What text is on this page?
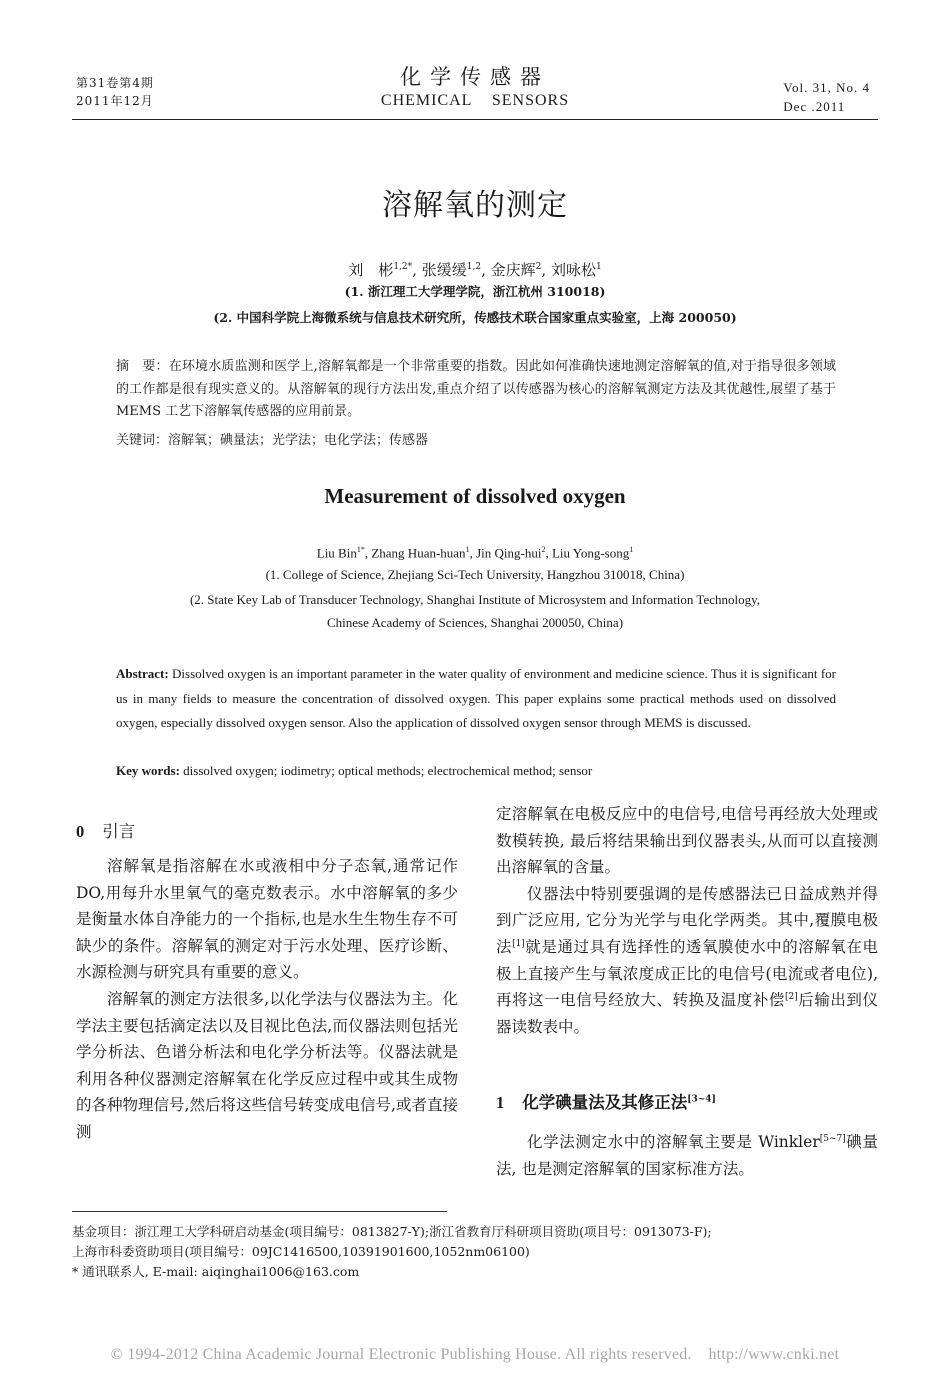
第31卷第4期
2011年12月
化学传感器
CHEMICAL    SENSORS
Vol. 31, No. 4
Dec .2011
溶解氧的测定
刘　彬$^{1,2*}$, 张缓缓$^{1,2}$, 金庆辉$^2$, 刘咏松$^1$
(1. 浙江理工大学理学院，浙江杭州 310018)
(2. 中国科学院上海微系统与信息技术研究所，传感技术联合国家重点实验室，上海 200050)
摘　要：在环境水质监测和医学上,溶解氧都是一个非常重要的指数。因此如何准确快速地测定溶解氧的值,对于指导很多领域的工作都是很有现实意义的。从溶解氧的现行方法出发,重点介绍了以传感器为核心的溶解氧测定方法及其优越性,展望了基于 MEMS 工艺下溶解氧传感器的应用前景。
关键词：溶解氧；碘量法；光学法；电化学法；传感器
Measurement of dissolved oxygen
Liu Bin$^{1*}$, Zhang Huan-huan$^1$, Jin Qing-hui$^2$, Liu Yong-song$^1$
(1. College of Science, Zhejiang Sci-Tech University, Hangzhou 310018, China)
(2. State Key Lab of Transducer Technology, Shanghai Institute of Microsystem and Information Technology,
Chinese Academy of Sciences, Shanghai 200050, China)
Abstract: Dissolved oxygen is an important parameter in the water quality of environment and medicine science. Thus it is significant for us in many fields to measure the concentration of dissolved oxygen. This paper explains some practical methods used on dissolved oxygen, especially dissolved oxygen sensor. Also the application of dissolved oxygen sensor through MEMS is discussed.
Key words: dissolved oxygen; iodimetry; optical methods; electrochemical method; sensor
0 引言

溶解氧是指溶解在水或液相中分子态氧,通常记作 DO,用每升水里氧气的毫克数表示。水中溶解氧的多少是衡量水体自净能力的一个指标,也是水生生物生存不可缺少的条件。溶解氧的测定对于污水处理、医疗诊断、水源检测与研究具有重要的意义。

溶解氧的测定方法很多,以化学法与仪器法为主。化学法主要包括滴定法以及目视比色法,而仪器法则包括光学分析法、色谱分析法和电化学分析法等。仪器法就是利用各种仪器测定溶解氧在化学反应过程中或其生成物的各种物理信号,然后将这些信号转变成电信号,或者直接测

定溶解氧在电极反应中的电信号,电信号再经放大处理或数模转换, 最后将结果输出到仪器表头,从而可以直接测出溶解氧的含量。

仪器法中特别要强调的是传感器法已日益成熟并得到广泛应用, 它分为光学与电化学两类。其中,覆膜电极法[1]就是通过具有选择性的透氧膜使水中的溶解氧在电极上直接产生与氧浓度成正比的电信号(电流或者电位),再将这一电信号经放大、转换及温度补偿[2]后输出到仪器读数表中。

1 化学碘量法及其修正法[3~4]

化学法测定水中的溶解氧主要是 Winkler[5~7]碘量法, 也是测定溶解氧的国家标准方法。

基金项目：浙江理工大学科研启动基金(项目编号：0813827-Y);浙江省教育厅科研项目资助(项目号：0913073-F);
上海市科委资助项目(项目编号：09JC1416500,10391901600,1052nm06100)
* 通讯联系人, E-mail: aiqinghai1006@163.com
© 1994-2012 China Academic Journal Electronic Publishing House. All rights reserved.    http://www.cnki.net
